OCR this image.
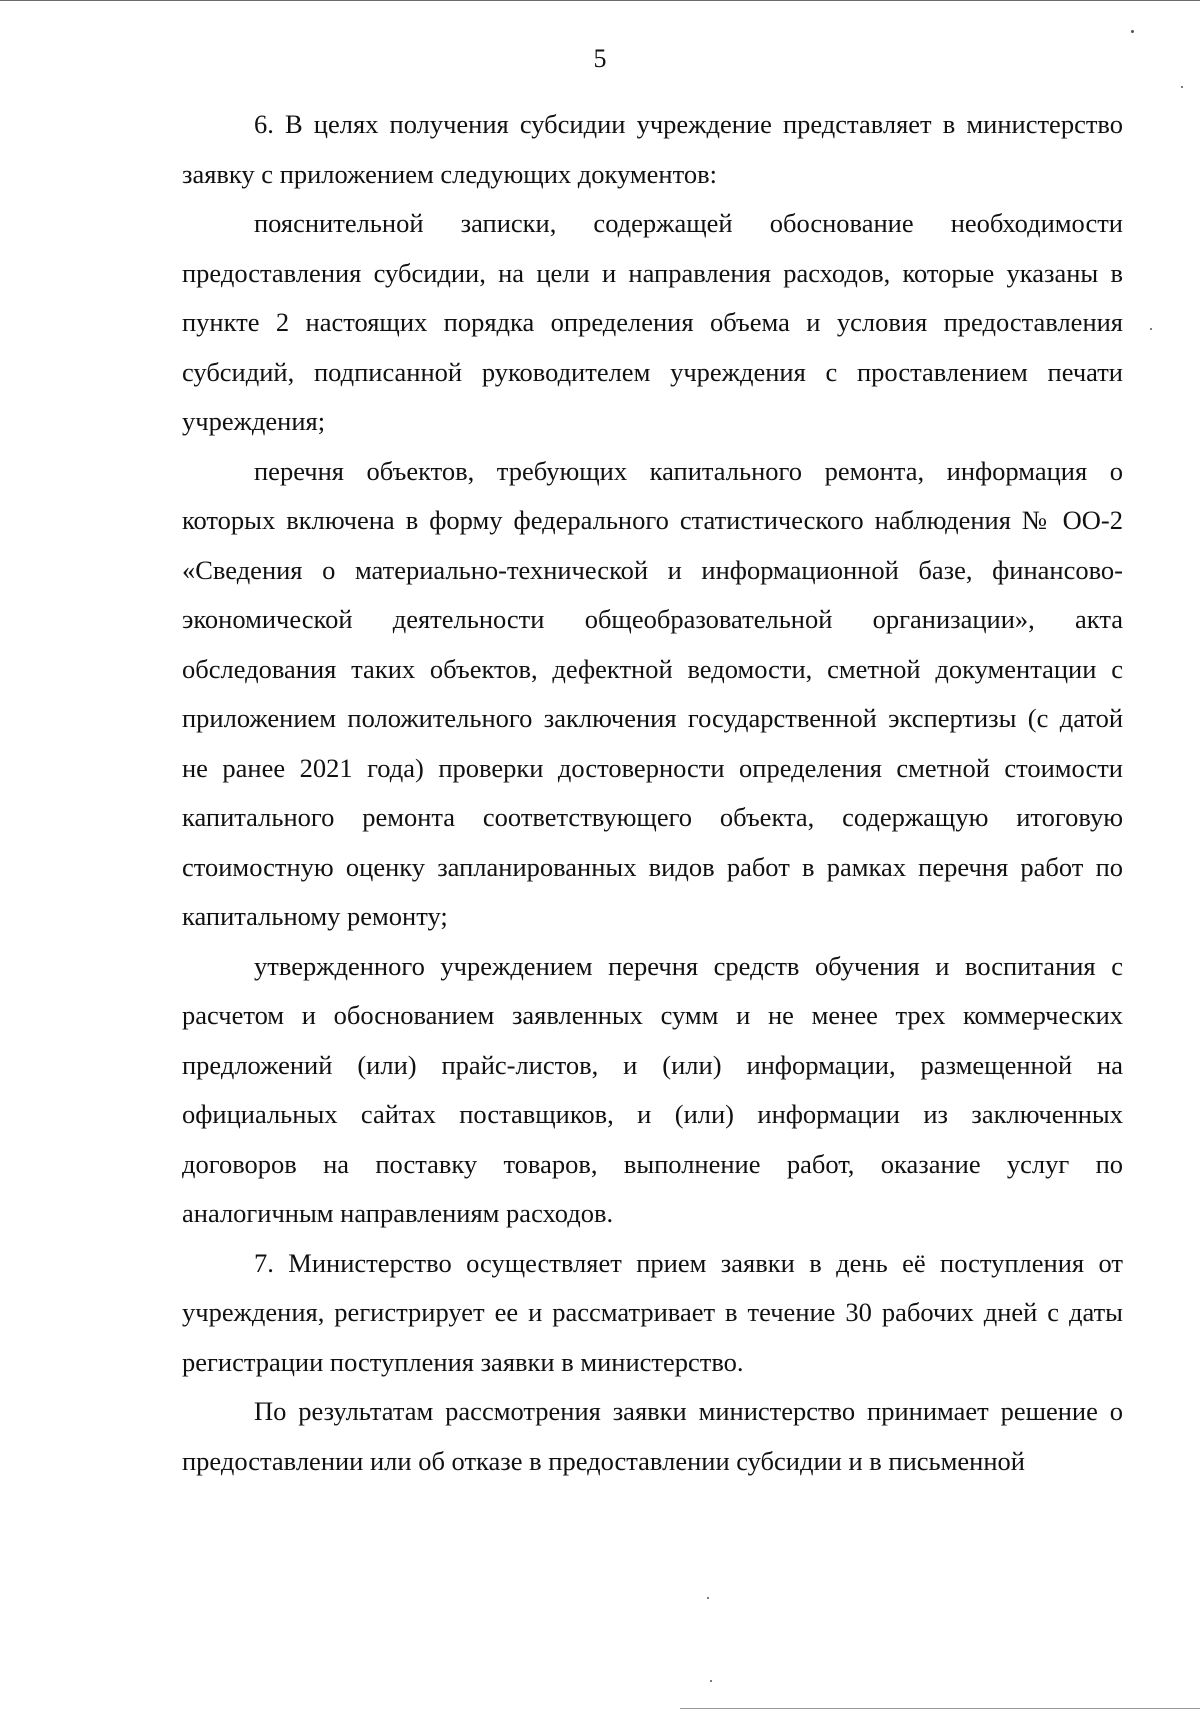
5

6. В целях получения субсидии учреждение представляет в министерство заявку с приложением следующих документов:

пояснительной записки, содержащей обоснование необходимости предоставления субсидии, на цели и направления расходов, которые указаны в пункте 2 настоящих порядка определения объема и условия предоставления субсидий, подписанной руководителем учреждения с проставлением печати учреждения;

перечня объектов, требующих капитального ремонта, информация о которых включена в форму федерального статистического наблюдения № ОО-2 «Сведения о материально-технической и информационной базе, финансово-экономической деятельности общеобразовательной организации», акта обследования таких объектов, дефектной ведомости, сметной документации с приложением положительного заключения государственной экспертизы (с датой не ранее 2021 года) проверки достоверности определения сметной стоимости капитального ремонта соответствующего объекта, содержащую итоговую стоимостную оценку запланированных видов работ в рамках перечня работ по капитальному ремонту;

утвержденного учреждением перечня средств обучения и воспитания с расчетом и обоснованием заявленных сумм и не менее трех коммерческих предложений (или) прайс-листов, и (или) информации, размещенной на официальных сайтах поставщиков, и (или) информации из заключенных договоров на поставку товаров, выполнение работ, оказание услуг по аналогичным направлениям расходов.

7. Министерство осуществляет прием заявки в день её поступления от учреждения, регистрирует ее и рассматривает в течение 30 рабочих дней с даты регистрации поступления заявки в министерство.

По результатам рассмотрения заявки министерство принимает решение о предоставлении или об отказе в предоставлении субсидии и в письменной
